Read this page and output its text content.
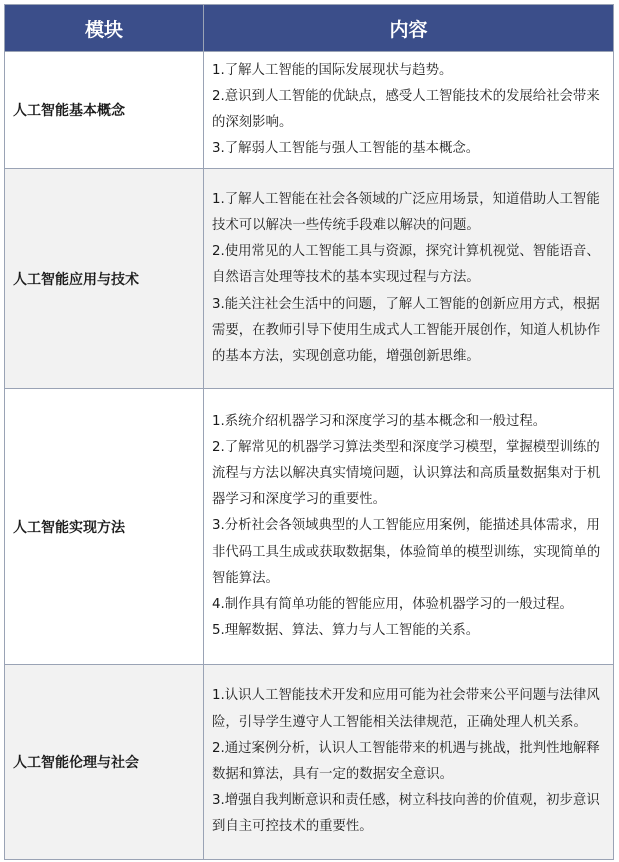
模块	内容
人工智能基本概念	1.了解人工智能的国际发展现状与趋势。
2.意识到人工智能的优缺点，感受人工智能技术的发展给社会带来的深刻影响。
3.了解弱人工智能与强人工智能的基本概念。

人工智能应用与技术	1.了解人工智能在社会各领域的广泛应用场景，知道借助人工智能技术可以解决一些传统手段难以解决的问题。
2.使用常见的人工智能工具与资源，探究计算机视觉、智能语音、自然语言处理等技术的基本实现过程与方法。
3.能关注社会生活中的问题，了解人工智能的创新应用方式，根据需要，在教师引导下使用生成式人工智能开展创作，知道人机协作的基本方法，实现创意功能，增强创新思维。

人工智能实现方法	1.系统介绍机器学习和深度学习的基本概念和一般过程。
2.了解常见的机器学习算法类型和深度学习模型，掌握模型训练的流程与方法以解决真实情境问题，认识算法和高质量数据集对于机器学习和深度学习的重要性。
3.分析社会各领域典型的人工智能应用案例，能描述具体需求，用非代码工具生成或获取数据集，体验简单的模型训练，实现简单的智能算法。
4.制作具有简单功能的智能应用，体验机器学习的一般过程。
5.理解数据、算法、算力与人工智能的关系。

人工智能伦理与社会	1.认识人工智能技术开发和应用可能为社会带来公平问题与法律风险，引导学生遵守人工智能相关法律规范，正确处理人机关系。
2.通过案例分析，认识人工智能带来的机遇与挑战，批判性地解释数据和算法，具有一定的数据安全意识。
3.增强自我判断意识和责任感，树立科技向善的价值观，初步意识到自主可控技术的重要性。
